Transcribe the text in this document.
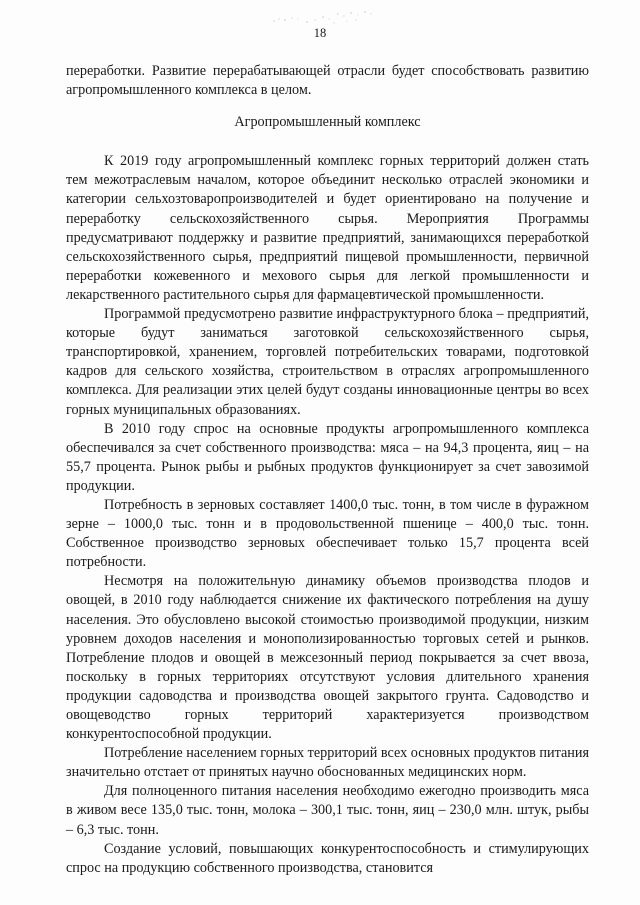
18

переработки. Развитие перерабатывающей отрасли будет способствовать развитию агропромышленного комплекса в целом.

Агропромышленный комплекс

К 2019 году агропромышленный комплекс горных территорий должен стать тем межотраслевым началом, которое объединит несколько отраслей экономики и категории сельхозтоваропроизводителей и будет ориентировано на получение и переработку сельскохозяйственного сырья. Мероприятия Программы предусматривают поддержку и развитие предприятий, занимающихся переработкой сельскохозяйственного сырья, предприятий пищевой промышленности, первичной переработки кожевенного и мехового сырья для легкой промышленности и лекарственного растительного сырья для фармацевтической промышленности.

Программой предусмотрено развитие инфраструктурного блока – предприятий, которые будут заниматься заготовкой сельскохозяйственного сырья, транспортировкой, хранением, торговлей потребительских товарами, подготовкой кадров для сельского хозяйства, строительством в отраслях агропромышленного комплекса. Для реализации этих целей будут созданы инновационные центры во всех горных муниципальных образованиях.

В 2010 году спрос на основные продукты агропромышленного комплекса обеспечивался за счет собственного производства: мяса – на 94,3 процента, яиц – на 55,7 процента. Рынок рыбы и рыбных продуктов функционирует за счет завозимой продукции.

Потребность в зерновых составляет 1400,0 тыс. тонн, в том числе в фуражном зерне – 1000,0 тыс. тонн и в продовольственной пшенице – 400,0 тыс. тонн. Собственное производство зерновых обеспечивает только 15,7 процента всей потребности.

Несмотря на положительную динамику объемов производства плодов и овощей, в 2010 году наблюдается снижение их фактического потребления на душу населения. Это обусловлено высокой стоимостью производимой продукции, низким уровнем доходов населения и монополизированностью торговых сетей и рынков. Потребление плодов и овощей в межсезонный период покрывается за счет ввоза, поскольку в горных территориях отсутствуют условия длительного хранения продукции садоводства и производства овощей закрытого грунта. Садоводство и овощеводство горных территорий характеризуется производством конкурентоспособной продукции.

Потребление населением горных территорий всех основных продуктов питания значительно отстает от принятых научно обоснованных медицинских норм.

Для полноценного питания населения необходимо ежегодно производить мяса в живом весе 135,0 тыс. тонн, молока – 300,1 тыс. тонн, яиц – 230,0 млн. штук, рыбы – 6,3 тыс. тонн.

Создание условий, повышающих конкурентоспособность и стимулирующих спрос на продукцию собственного производства, становится
